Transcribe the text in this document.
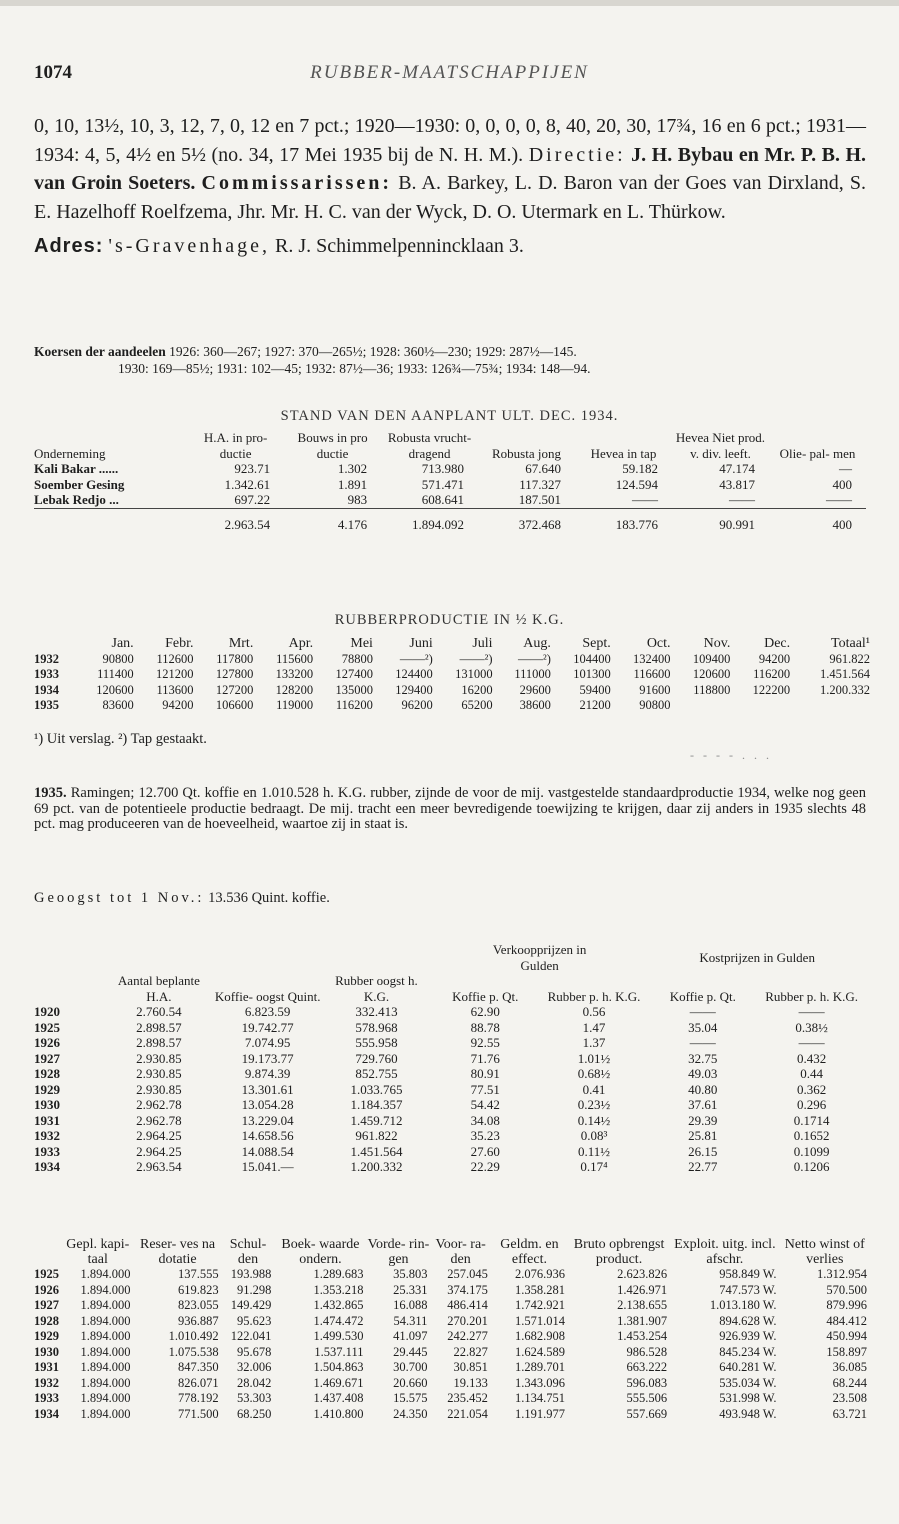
1074	RUBBER-MAATSCHAPPIJEN

0, 10, 13½, 10, 3, 12, 7, 0, 12 en 7 pct.; 1920—1930: 0, 0, 0, 0, 8, 40, 20, 30, 17¾, 16 en 6 pct.; 1931—1934: 4, 5, 4½ en 5½ (no. 34, 17 Mei 1935 bij de N. H. M.). Directie: J. H. Bybau en Mr. P. B. H. van Groin Soeters. Commissarissen: B. A. Barkey, L. D. Baron van der Goes van Dirxland, S. E. Hazelhoff Roelfzema, Jhr. Mr. H. C. van der Wyck, D. O. Utermark en L. Thürkow.

Adres: 's-Gravenhage, R. J. Schimmelpennincklaan 3.

Koersen der aandeelen 1926: 360—267; 1927: 370—265½; 1928: 360½—230; 1929: 287½—145.
1930: 169—85½; 1931: 102—45; 1932: 87½—36; 1933: 126¾—75¾; 1934: 148—94.
STAND VAN DEN AANPLANT ULT. DEC. 1934.
Onderneming	H.A. in pro- ductie	Bouws in pro ductie	Robusta vrucht- dragend	Robusta jong	Hevea in tap	Hevea Niet prod. v. div. leeft.	Olie- pal- men
Kali Bakar ......	923.71	1.302	713.980	67.640	59.182	47.174	—
Soember Gesing	1.342.61	1.891	571.471	117.327	124.594	43.817	400
Lebak Redjo ...	697.22	983	608.641	187.501	——	——	——
	2.963.54	4.176	1.894.092	372.468	183.776	90.991	400
RUBBERPRODUCTIE IN ½ K.G.
	Jan.	Febr.	Mrt.	Apr.	Mei	Juni	Juli	Aug.	Sept.	Oct.	Nov.	Dec.	Totaal¹
1932	90800	112600	117800	115600	78800	——²)	——²)	——²)	104400	132400	109400	94200	961.822
1933	111400	121200	127800	133200	127400	124400	131000	111000	101300	116600	120600	116200	1.451.564
1934	120600	113600	127200	128200	135000	129400	16200	29600	59400	91600	118800	122200	1.200.332
1935	83600	94200	106600	119000	116200	96200	65200	38600	21200	90800			
¹) Uit verslag. ²) Tap gestaakt.
- - - - . . .
1935. Ramingen; 12.700 Qt. koffie en 1.010.528 h. K.G. rubber, zijnde de voor de mij. vastgestelde standaardproductie 1934, welke nog geen 69 pct. van de potentieele productie bedraagt. De mij. tracht een meer bevredigende toewijzing te krijgen, daar zij anders in 1935 slechts 48 pct. mag produceeren van de hoeveelheid, waartoe zij in staat is.
Geoogst tot 1 Nov.: 13.536 Quint. koffie.
				Verkoopprijzen in Gulden		Kostprijzen in Gulden	
	Aantal beplante H.A.	Koffie- oogst Quint.	Rubber oogst h. K.G.	Koffie p. Qt.	Rubber p. h. K.G.	Koffie p. Qt.	Rubber p. h. K.G.
1920	2.760.54	6.823.59	332.413	62.90	0.56	——	——
1925	2.898.57	19.742.77	578.968	88.78	1.47	35.04	0.38½
1926	2.898.57	7.074.95	555.958	92.55	1.37	——	——
1927	2.930.85	19.173.77	729.760	71.76	1.01½	32.75	0.432
1928	2.930.85	9.874.39	852.755	80.91	0.68½	49.03	0.44
1929	2.930.85	13.301.61	1.033.765	77.51	0.41	40.80	0.362
1930	2.962.78	13.054.28	1.184.357	54.42	0.23½	37.61	0.296
1931	2.962.78	13.229.04	1.459.712	34.08	0.14½	29.39	0.1714
1932	2.964.25	14.658.56	961.822	35.23	0.08³	25.81	0.1652
1933	2.964.25	14.088.54	1.451.564	27.60	0.11½	26.15	0.1099
1934	2.963.54	15.041.—	1.200.332	22.29	0.17⁴	22.77	0.1206
	Gepl. kapi- taal	Reser- ves na dotatie	Schul- den	Boek- waarde ondern.	Vorde- rin- gen	Voor- ra- den	Geldm. en effect.	Bruto opbrengst product.	Exploit. uitg. incl. afschr.	Netto winst of verlies
1925	1.894.000	137.555	193.988	1.289.683	35.803	257.045	2.076.936	2.623.826	958.849 W.	1.312.954
1926	1.894.000	619.823	91.298	1.353.218	25.331	374.175	1.358.281	1.426.971	747.573 W.	570.500
1927	1.894.000	823.055	149.429	1.432.865	16.088	486.414	1.742.921	2.138.655	1.013.180 W.	879.996
1928	1.894.000	936.887	95.623	1.474.472	54.311	270.201	1.571.014	1.381.907	894.628 W.	484.412
1929	1.894.000	1.010.492	122.041	1.499.530	41.097	242.277	1.682.908	1.453.254	926.939 W.	450.994
1930	1.894.000	1.075.538	95.678	1.537.111	29.445	22.827	1.624.589	986.528	845.234 W.	158.897
1931	1.894.000	847.350	32.006	1.504.863	30.700	30.851	1.289.701	663.222	640.281 W.	36.085
1932	1.894.000	826.071	28.042	1.469.671	20.660	19.133	1.343.096	596.083	535.034 W.	68.244
1933	1.894.000	778.192	53.303	1.437.408	15.575	235.452	1.134.751	555.506	531.998 W.	23.508
1934	1.894.000	771.500	68.250	1.410.800	24.350	221.054	1.191.977	557.669	493.948 W.	63.721
